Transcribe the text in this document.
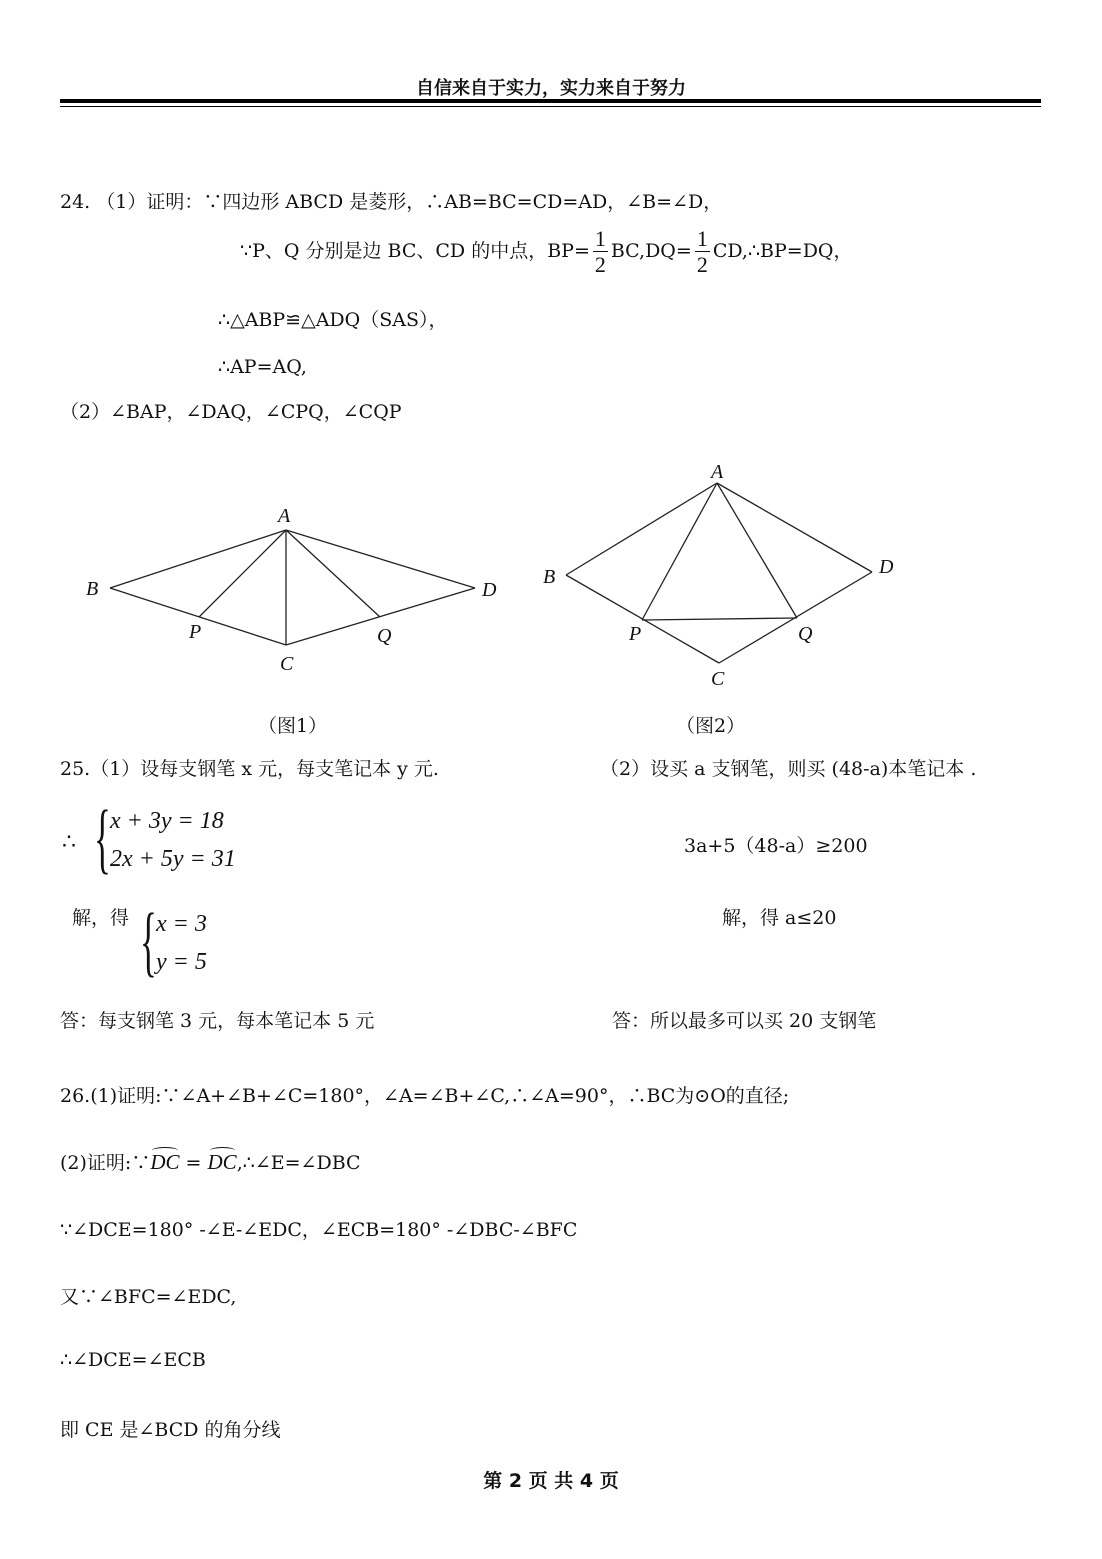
自信来自于实力，实力来自于努力
24. （1）证明：∵四边形 ABCD 是菱形，∴AB=BC=CD=AD，∠B=∠D，
∵P、Q 分别是边 BC、CD 的中点，$BP= \frac{1}{2} BC,DQ= \frac{1}{2}$ CD,∴BP=DQ，
∴△ABP≌△ADQ（SAS），
∴AP=AQ,
（2）∠BAP，∠DAQ，∠CPQ，∠CQP
A
B
C
D
P	Q
（图1）
A
B
C
D
P	Q
（图2）
25.（1）设每支钢笔 x 元，每支笔记本 y 元.
∴ { x + 3y = 18
2x + 5y = 31
解，得 { x = 3
y = 5
答：每支钢笔 3 元，每本笔记本 5 元
（2）设买 a 支钢笔，则买 (48-a)本笔记本 .
3a+5（48-a）≥200
解，得 a≤20
答：所以最多可以买 20 支钢笔
26.(1)证明:∵∠A+∠B+∠C=180°，∠A=∠B+∠C,∴∠A=90°，∴BC为⊙O的直径;
(2)证明:∵DC = DC,∴∠E=∠DBC
∵∠DCE=180° -∠E-∠EDC，∠ECB=180° -∠DBC-∠BFC
又∵∠BFC=∠EDC,
∴∠DCE=∠ECB
即 CE 是∠BCD 的角分线
第 2 页 共 4 页
